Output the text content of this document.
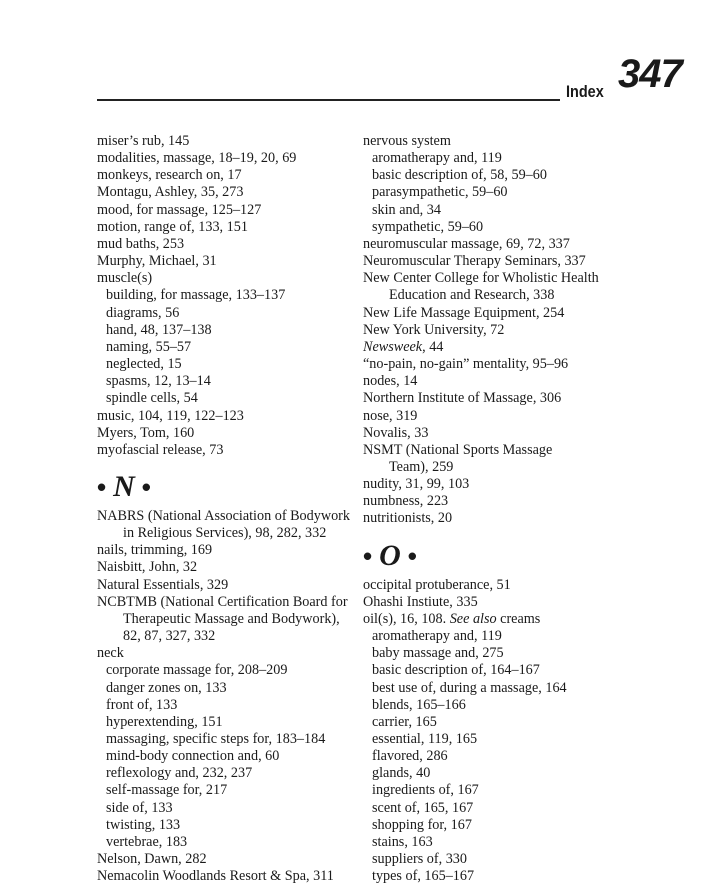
Index 347
miser’s rub, 145
modalities, massage, 18–19, 20, 69
monkeys, research on, 17
Montagu, Ashley, 35, 273
mood, for massage, 125–127
motion, range of, 133, 151
mud baths, 253
Murphy, Michael, 31
muscle(s)
building, for massage, 133–137
diagrams, 56
hand, 48, 137–138
naming, 55–57
neglected, 15
spasms, 12, 13–14
spindle cells, 54
music, 104, 119, 122–123
Myers, Tom, 160
myofascial release, 73
• N •
NABRS (National Association of Bodywork
in Religious Services), 98, 282, 332
nails, trimming, 169
Naisbitt, John, 32
Natural Essentials, 329
NCBTMB (National Certification Board for
Therapeutic Massage and Bodywork),
82, 87, 327, 332
neck
corporate massage for, 208–209
danger zones on, 133
front of, 133
hyperextending, 151
massaging, specific steps for, 183–184
mind-body connection and, 60
reflexology and, 232, 237
self-massage for, 217
side of, 133
twisting, 133
vertebrae, 183
Nelson, Dawn, 282
Nemacolin Woodlands Resort & Spa, 311
nervous system
aromatherapy and, 119
basic description of, 58, 59–60
parasympathetic, 59–60
skin and, 34
sympathetic, 59–60
neuromuscular massage, 69, 72, 337
Neuromuscular Therapy Seminars, 337
New Center College for Wholistic Health
Education and Research, 338
New Life Massage Equipment, 254
New York University, 72
Newsweek, 44
“no-pain, no-gain” mentality, 95–96
nodes, 14
Northern Institute of Massage, 306
nose, 319
Novalis, 33
NSMT (National Sports Massage
Team), 259
nudity, 31, 99, 103
numbness, 223
nutritionists, 20
• O •
occipital protuberance, 51
Ohashi Instiute, 335
oil(s), 16, 108. See also creams
aromatherapy and, 119
baby massage and, 275
basic description of, 164–167
best use of, during a massage, 164
blends, 165–166
carrier, 165
essential, 119, 165
flavored, 286
glands, 40
ingredients of, 167
scent of, 165, 167
shopping for, 167
stains, 163
suppliers of, 330
types of, 165–167
